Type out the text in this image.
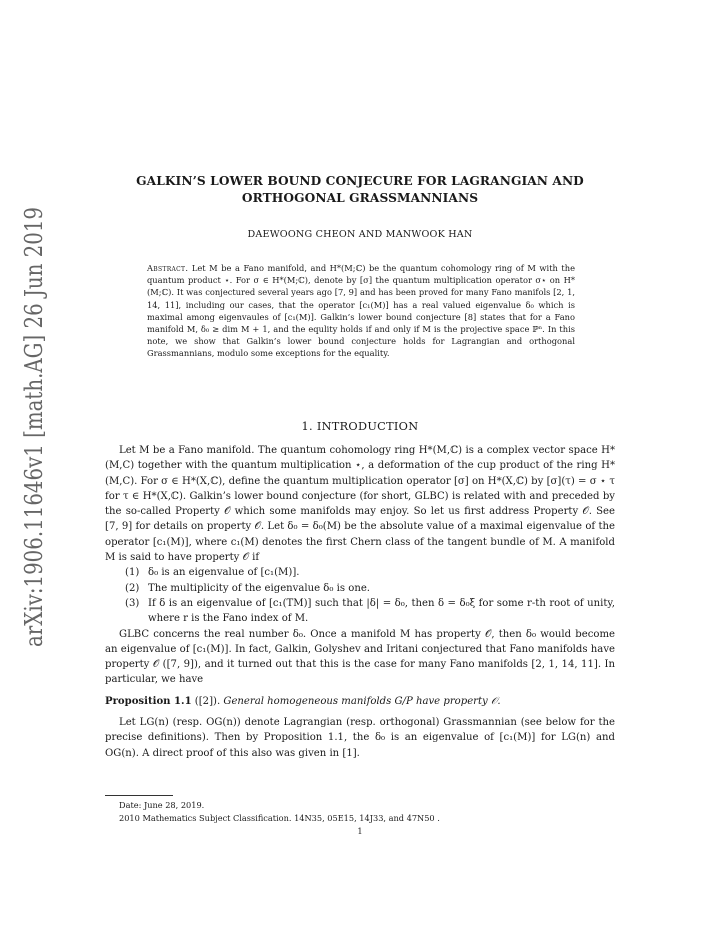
arXiv:1906.11646v1 [math.AG] 26 Jun 2019	GALKIN’S LOWER BOUND CONJECURE FOR LAGRANGIAN AND ORTHOGONAL GRASSMANNIANS
DAEWOONG CHEON AND MANWOOK HAN
Abstract. Let M be a Fano manifold, and H*(M;ℂ) be the quantum cohomology ring of M with the quantum product ⋆. For σ ∈ H*(M;ℂ), denote by [σ] the quantum multiplication operator σ⋆ on H*(M;ℂ). It was conjectured several years ago [7, 9] and has been proved for many Fano manifols [2, 1, 14, 11], including our cases, that the operator [c₁(M)] has a real valued eigenvalue δ₀ which is maximal among eigenvaules of [c₁(M)]. Galkin’s lower bound conjecture [8] states that for a Fano manifold M, δ₀ ≥ dim M + 1, and the equlity holds if and only if M is the projective space ℙⁿ. In this note, we show that Galkin’s lower bound conjecture holds for Lagrangian and orthogonal Grassmannians, modulo some exceptions for the equality.
1. INTRODUCTION

Let M be a Fano manifold. The quantum cohomology ring H*(M,ℂ) is a complex vector space H*(M,C) together with the quantum multiplication ⋆, a deformation of the cup product of the ring H*(M,C). For σ ∈ H*(X,ℂ), define the quantum multiplication operator [σ] on H*(X,ℂ) by [σ](τ) = σ ⋆ τ for τ ∈ H*(X,ℂ). Galkin’s lower bound conjecture (for short, GLBC) is related with and preceded by the so-called Property 𝒪 which some manifolds may enjoy. So let us first address Property 𝒪. See [7, 9] for details on property 𝒪. Let δ₀ = δ₀(M) be the absolute value of a maximal eigenvalue of the operator [c₁(M)], where c₁(M) denotes the first Chern class of the tangent bundle of M. A manifold M is said to have property 𝒪 if

(1) δ₀ is an eigenvalue of [c₁(M)].
(2) The multiplicity of the eigenvalue δ₀ is one.
(3) If δ is an eigenvalue of [c₁(TM)] such that |δ| = δ₀, then δ = δ₀ξ for some r-th root of unity, where r is the Fano index of M.

GLBC concerns the real number δ₀. Once a manifold M has property 𝒪, then δ₀ would become an eigenvalue of [c₁(M)]. In fact, Galkin, Golyshev and Iritani conjectured that Fano manifolds have property 𝒪 ([7, 9]), and it turned out that this is the case for many Fano manifolds [2, 1, 14, 11]. In particular, we have

Proposition 1.1 ([2]). General homogeneous manifolds G/P have property 𝒪.

Let LG(n) (resp. OG(n)) denote Lagrangian (resp. orthogonal) Grassmannian (see below for the precise definitions). Then by Proposition 1.1, the δ₀ is an eigenvalue of [c₁(M)] for LG(n) and OG(n). A direct proof of this also was given in [1].

Date: June 28, 2019.
2010 Mathematics Subject Classification. 14N35, 05E15, 14J33, and 47N50 .
1
